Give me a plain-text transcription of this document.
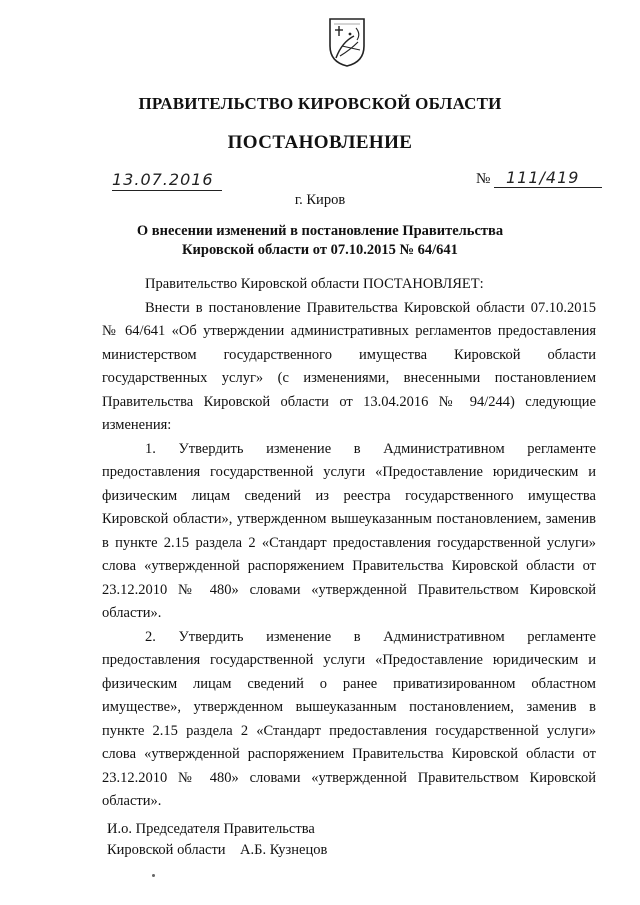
ПРАВИТЕЛЬСТВО КИРОВСКОЙ ОБЛАСТИ
ПОСТАНОВЛЕНИЕ
13.07.2016	№ 111/419
г. Киров
О внесении изменений в постановление Правительства
Кировской области от 07.10.2015 № 64/641

Правительство Кировской области ПОСТАНОВЛЯЕТ:

Внести в постановление Правительства Кировской области 07.10.2015 № 64/641 «Об утверждении административных регламентов предоставления министерством государственного имущества Кировской области государственных услуг» (с изменениями, внесенными постановлением Правительства Кировской области от 13.04.2016 № 94/244) следующие изменения:

1. Утвердить изменение в Административном регламенте предоставления государственной услуги «Предоставление юридическим и физическим лицам сведений из реестра государственного имущества Кировской области», утвержденном вышеуказанным постановлением, заменив в пункте 2.15 раздела 2 «Стандарт предоставления государственной услуги» слова «утвержденной распоряжением Правительства Кировской области от 23.12.2010 № 480» словами «утвержденной Правительством Кировской области».

2. Утвердить изменение в Административном регламенте предоставления государственной услуги «Предоставление юридическим и физическим лицам сведений о ранее приватизированном областном имуществе», утвержденном вышеуказанным постановлением, заменив в пункте 2.15 раздела 2 «Стандарт предоставления государственной услуги» слова «утвержденной распоряжением Правительства Кировской области от 23.12.2010 № 480» словами «утвержденной Правительством Кировской области».

И.о. Председателя Правительства
Кировской области    А.Б. Кузнецов
